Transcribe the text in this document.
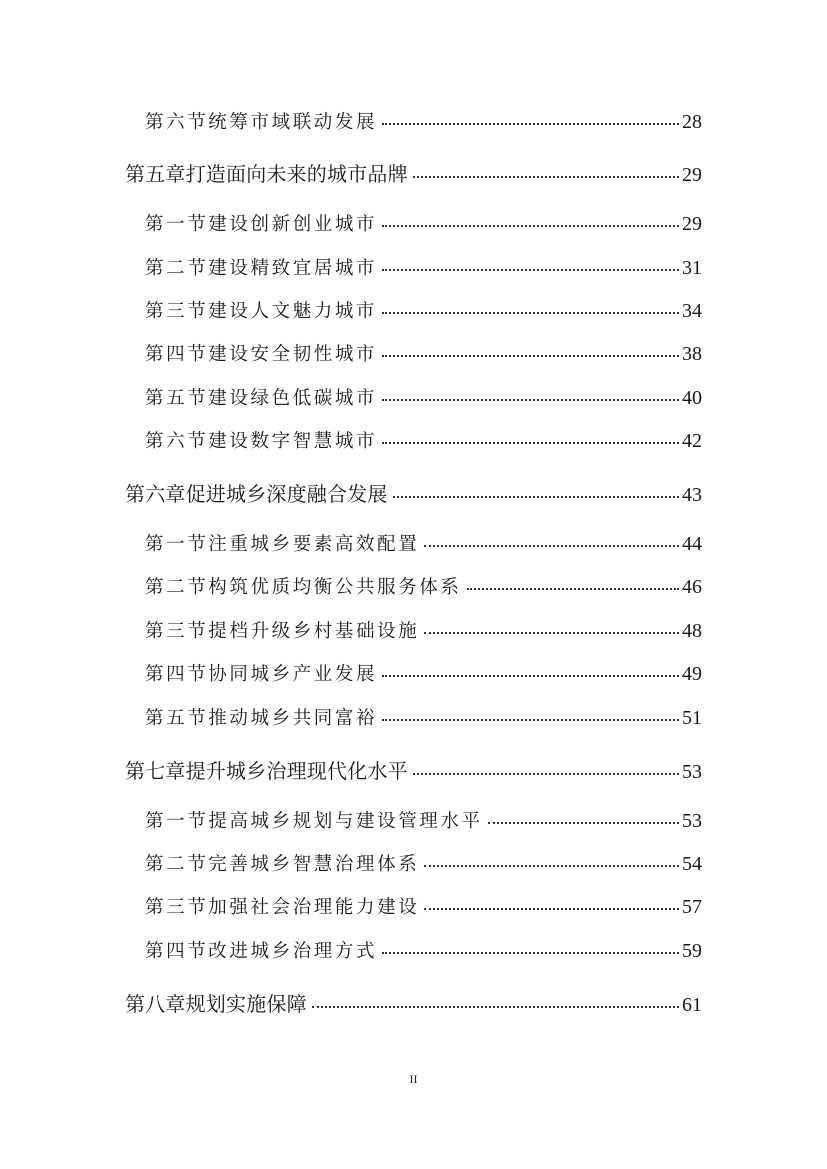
第六节统筹市域联动发展	28
第五章打造面向未来的城市品牌	29
第一节建设创新创业城市	29
第二节建设精致宜居城市	31
第三节建设人文魅力城市	34
第四节建设安全韧性城市	38
第五节建设绿色低碳城市	40
第六节建设数字智慧城市	42
第六章促进城乡深度融合发展	43
第一节注重城乡要素高效配置	44
第二节构筑优质均衡公共服务体系	46
第三节提档升级乡村基础设施	48
第四节协同城乡产业发展	49
第五节推动城乡共同富裕	51
第七章提升城乡治理现代化水平	53
第一节提高城乡规划与建设管理水平	53
第二节完善城乡智慧治理体系	54
第三节加强社会治理能力建设	57
第四节改进城乡治理方式	59
第八章规划实施保障	61
II
